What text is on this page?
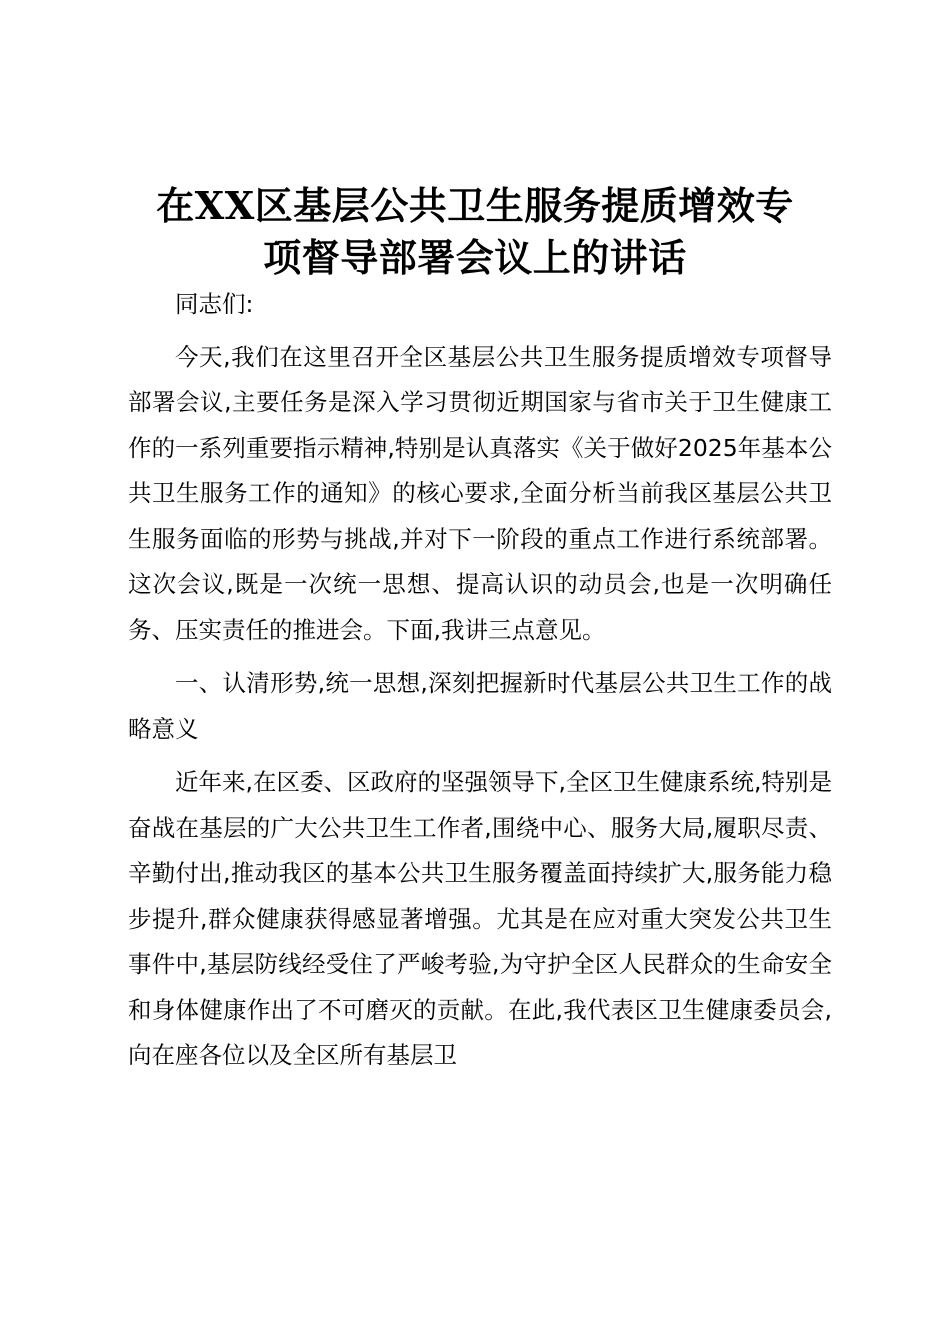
在XX区基层公共卫生服务提质增效专
项督导部署会议上的讲话

同志们:

今天,我们在这里召开全区基层公共卫生服务提质增效专项督导部署会议,主要任务是深入学习贯彻近期国家与省市关于卫生健康工作的一系列重要指示精神,特别是认真落实《关于做好2025年基本公共卫生服务工作的通知》的核心要求,全面分析当前我区基层公共卫生服务面临的形势与挑战,并对下一阶段的重点工作进行系统部署。这次会议,既是一次统一思想、提高认识的动员会,也是一次明确任务、压实责任的推进会。下面,我讲三点意见。

一、认清形势,统一思想,深刻把握新时代基层公共卫生工作的战略意义

近年来,在区委、区政府的坚强领导下,全区卫生健康系统,特别是奋战在基层的广大公共卫生工作者,围绕中心、服务大局,履职尽责、辛勤付出,推动我区的基本公共卫生服务覆盖面持续扩大,服务能力稳步提升,群众健康获得感显著增强。尤其是在应对重大突发公共卫生事件中,基层防线经受住了严峻考验,为守护全区人民群众的生命安全和身体健康作出了不可磨灭的贡献。在此,我代表区卫生健康委员会,向在座各位以及全区所有基层卫
